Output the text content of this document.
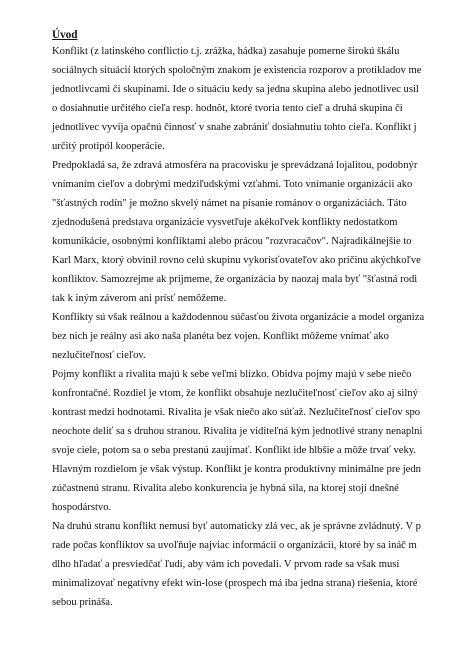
Úvod
Konflikt (z latinského conflictio t.j. zrážka, hádka) zasahuje pomerne širokú škálu
sociálnych situácií ktorých spoločným znakom je existencia rozporov a protikladov me
jednotlivcami či skupinami. Ide o situáciu kedy sa jedna skupina alebo jednotlivec usil
o dosiahnutie určitého cieľa resp. hodnôt, ktoré tvoria tento cieľ a druhá skupina či
jednotlivec vyvíja opačnú činnosť v snahe zabrániť dosiahnutiu tohto cieľa. Konflikt j
určitý protipól kooperácie.
Predpokladá sa, že zdravá atmosféra na pracovisku je sprevádzaná lojalitou, podobnýr
vnímaním cieľov a dobrými medziľudskými vzťahmi. Toto vnímanie organizácii ako
"šťastných rodín" je možno skvelý námet na písanie románov o organizáciách. Táto
zjednodušená predstava organizácie vysvetľuje akékoľvek konflikty nedostatkom
komunikácie, osobnými konfliktami alebo prácou "rozvracačov". Najradikálnejšie to
Karl Marx, ktorý obvinil rovno celú skupinu vykorisťovateľov ako príčinu akýchkoľve
konfliktov. Samozrejme ak prijmeme, že organizácia by naozaj mala byť "šťastná rodi
tak k iným záverom ani prísť nemôžeme.
Konflikty sú však reálnou a každodennou súčasťou života organizácie a model organiza
bez nich je reálny asi ako naša planéta bez vojen. Konflikt môžeme vnímať ako
nezlučiteľnosť cieľov.
Pojmy konflikt a rivalita majú k sebe veľmi blízko. Obidva pojmy majú v sebe niečo
konfrontačné. Rozdiel je vtom, že konflikt obsahuje nezlučiteľnosť cieľov ako aj silný
kontrast medzi hodnotami. Rivalita je však niečo ako súťaž. Nezlučiteľnosť cieľov spo
neochote deliť sa s druhou stranou. Rivalita je viditeľná kým jednotlivé strany nenaplni
svoje ciele, potom sa o seba prestanú zaujímať. Konflikt ide hlbšie a môže trvať veky.
Hlavným rozdielom je však výstup. Konflikt je kontra produktívny minimálne pre jedn
zúčastnenú stranu. Rivalita alebo konkurencia je hybná sila, na ktorej stojí dnešné
hospodárstvo.
Na druhú stranu konflikt nemusí byť automaticky zlá vec, ak je správne zvládnutý. V p
rade počas konfliktov sa uvoľňuje najviac informácií o organizácii, ktoré by sa ináč m
dlho hľadať a presviedčať ľudí, aby vám ich povedali. V prvom rade sa však musí
minimalizovať negatívny efekt win-lose (prospech má iba jedna strana) riešenia, ktoré
sebou prináša.
